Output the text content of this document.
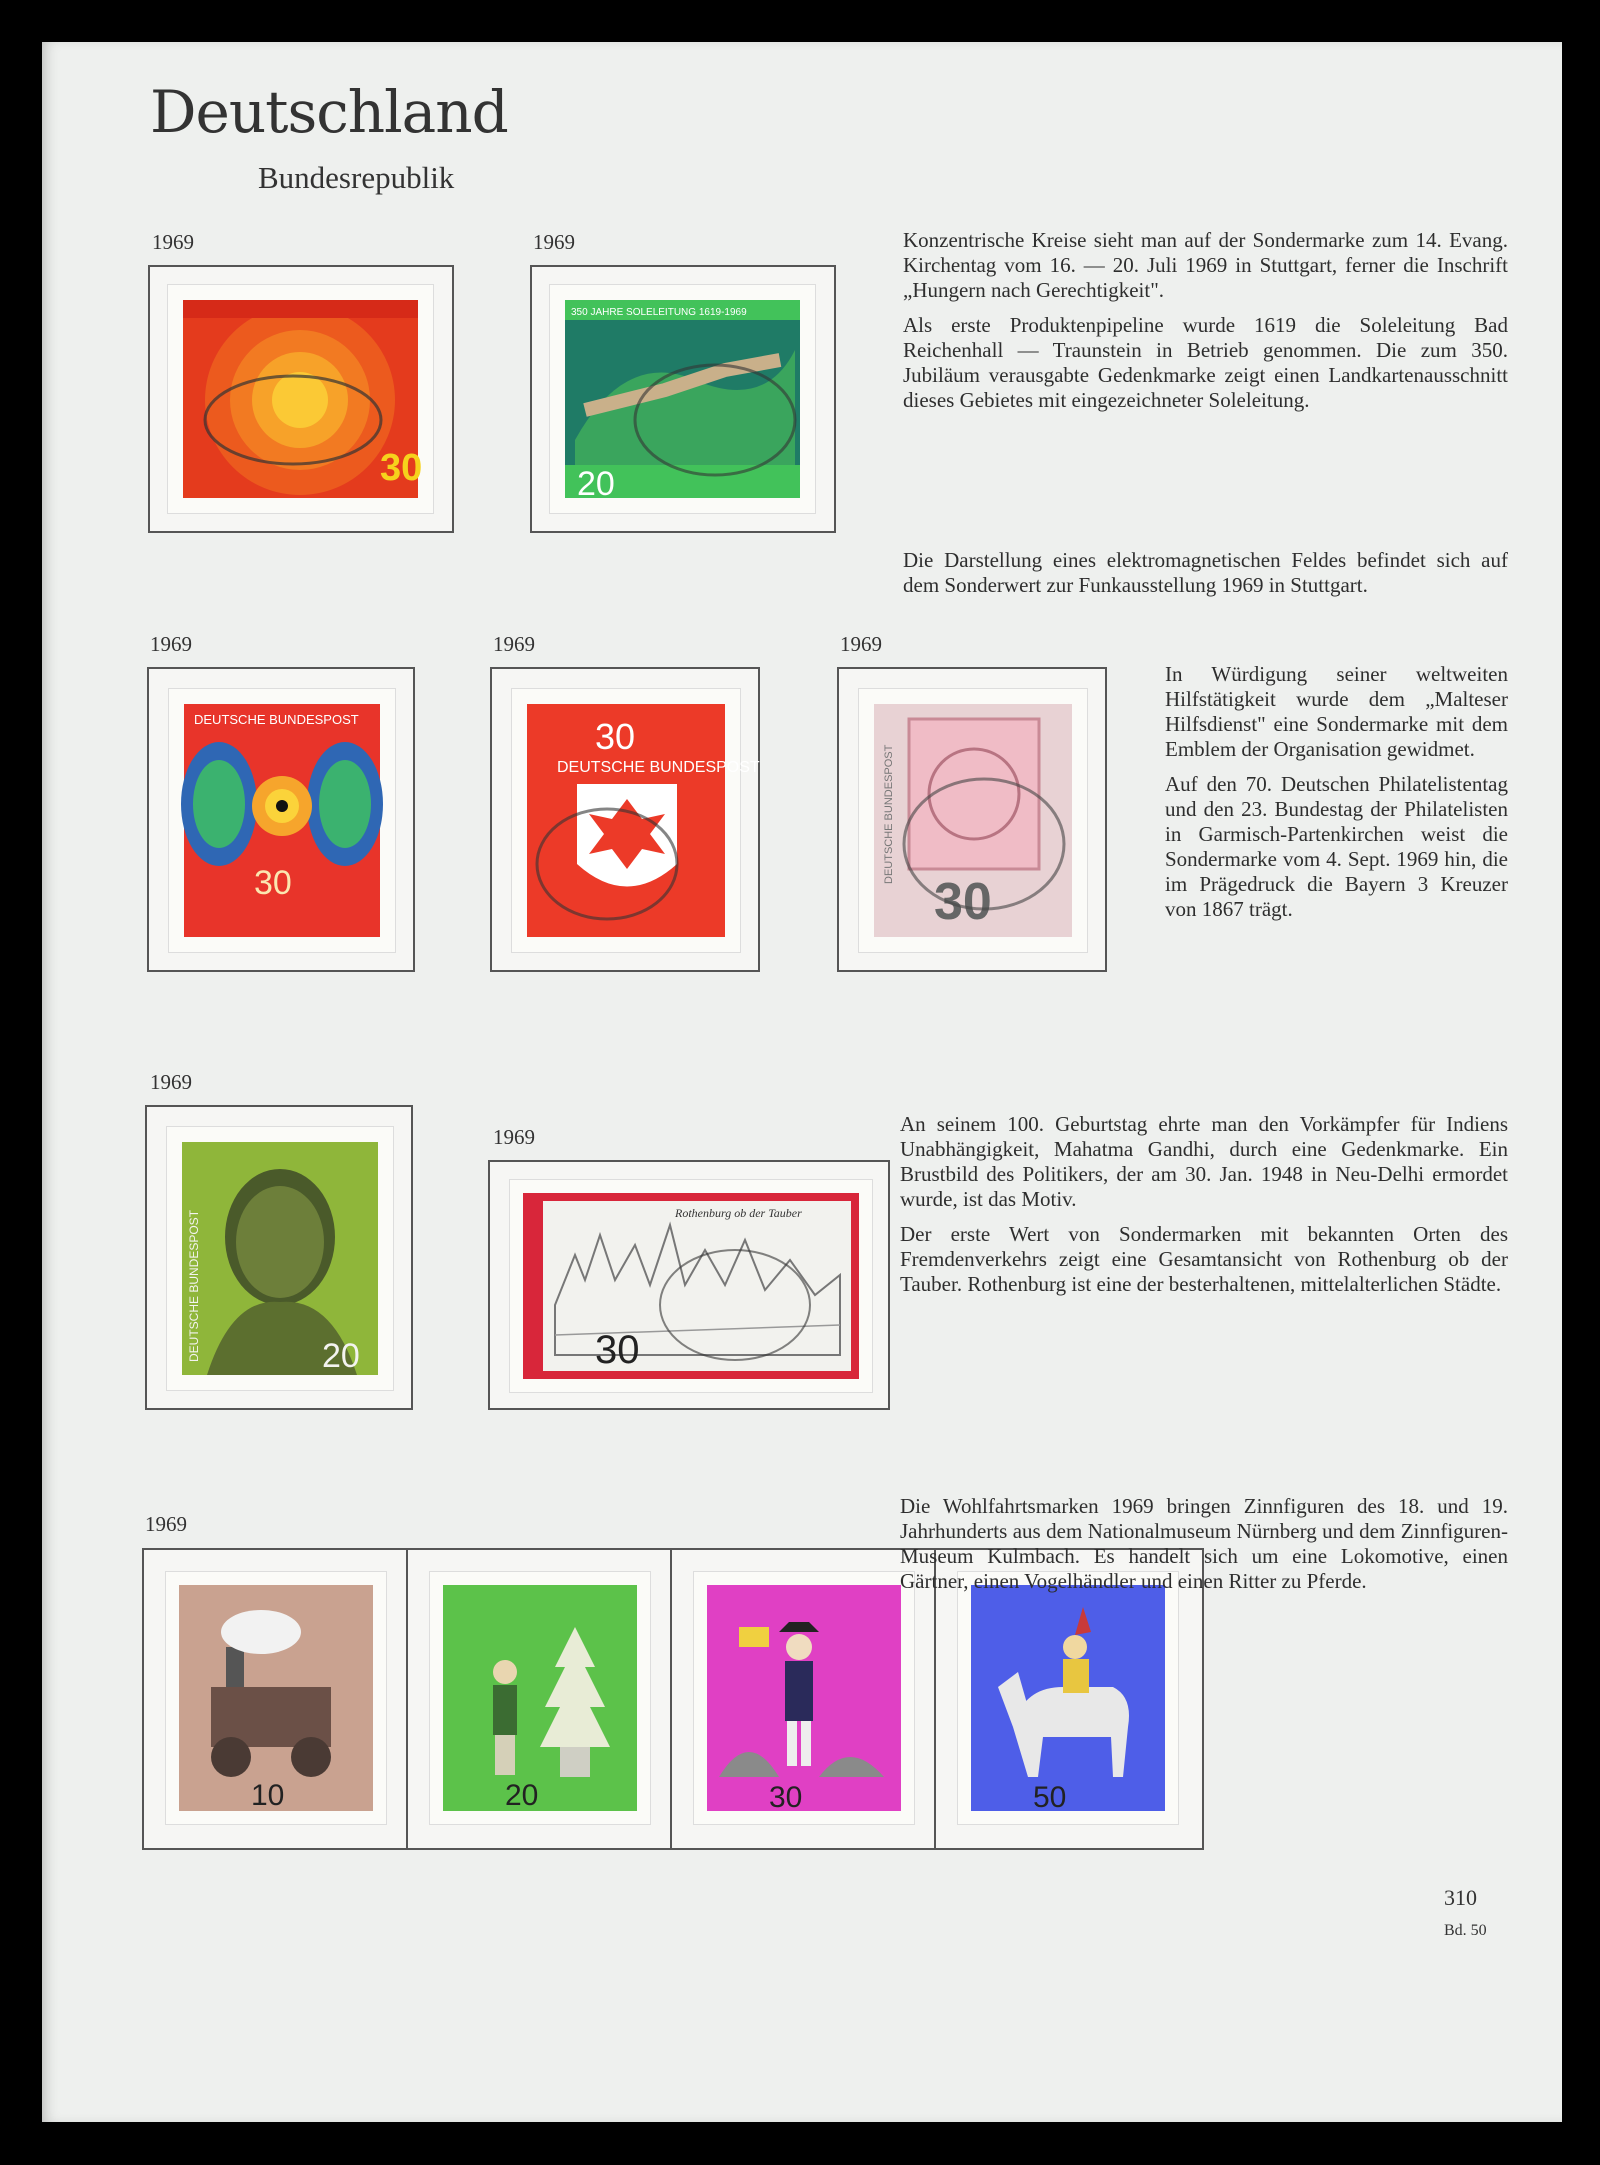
Deutschland
Bundesrepublik
1969	1969
30
350 JAHRE SOLELEITUNG 1619-1969
20

Konzentrische Kreise sieht man auf der Sondermarke zum 14. Evang. Kirchentag vom 16. — 20. Juli 1969 in Stuttgart, ferner die Inschrift „Hungern nach Gerechtigkeit".

Als erste Produktenpipeline wurde 1619 die Soleleitung Bad Reichenhall — Traunstein in Betrieb genommen. Die zum 350. Jubiläum verausgabte Gedenkmarke zeigt einen Landkartenausschnitt dieses Gebietes mit eingezeichneter Soleleitung.

Die Darstellung eines elektromagnetischen Feldes befindet sich auf dem Sonderwert zur Funkausstellung 1969 in Stuttgart.

1969	1969	1969
DEUTSCHE BUNDESPOST
30
30
DEUTSCHE BUNDESPOST
30
DEUTSCHE BUNDESPOST

In Würdigung seiner weltweiten Hilfstätigkeit wurde dem „Malteser Hilfsdienst" eine Sondermarke mit dem Emblem der Organisation gewidmet.

Auf den 70. Deutschen Philatelistentag und den 23. Bundestag der Philatelisten in Garmisch-Partenkirchen weist die Sondermarke vom 4. Sept. 1969 hin, die im Prägedruck die Bayern 3 Kreuzer von 1867 trägt.

1969
1969
20
DEUTSCHE BUNDESPOST	Rothenburg ob der Tauber
30

An seinem 100. Geburtstag ehrte man den Vorkämpfer für Indiens Unabhängigkeit, Mahatma Gandhi, durch eine Gedenkmarke. Ein Brustbild des Politikers, der am 30. Jan. 1948 in Neu-Delhi ermordet wurde, ist das Motiv.

Der erste Wert von Sondermarken mit bekannten Orten des Fremdenverkehrs zeigt eine Gesamtansicht von Rothenburg ob der Tauber. Rothenburg ist eine der besterhaltenen, mittelalterlichen Städte.

1969
10	20	30	50

Die Wohlfahrtsmarken 1969 bringen Zinnfiguren des 18. und 19. Jahrhunderts aus dem Nationalmuseum Nürnberg und dem Zinnfiguren-Museum Kulmbach. Es handelt sich um eine Lokomotive, einen Gärtner, einen Vogelhändler und einen Ritter zu Pferde.

310
Bd. 50
